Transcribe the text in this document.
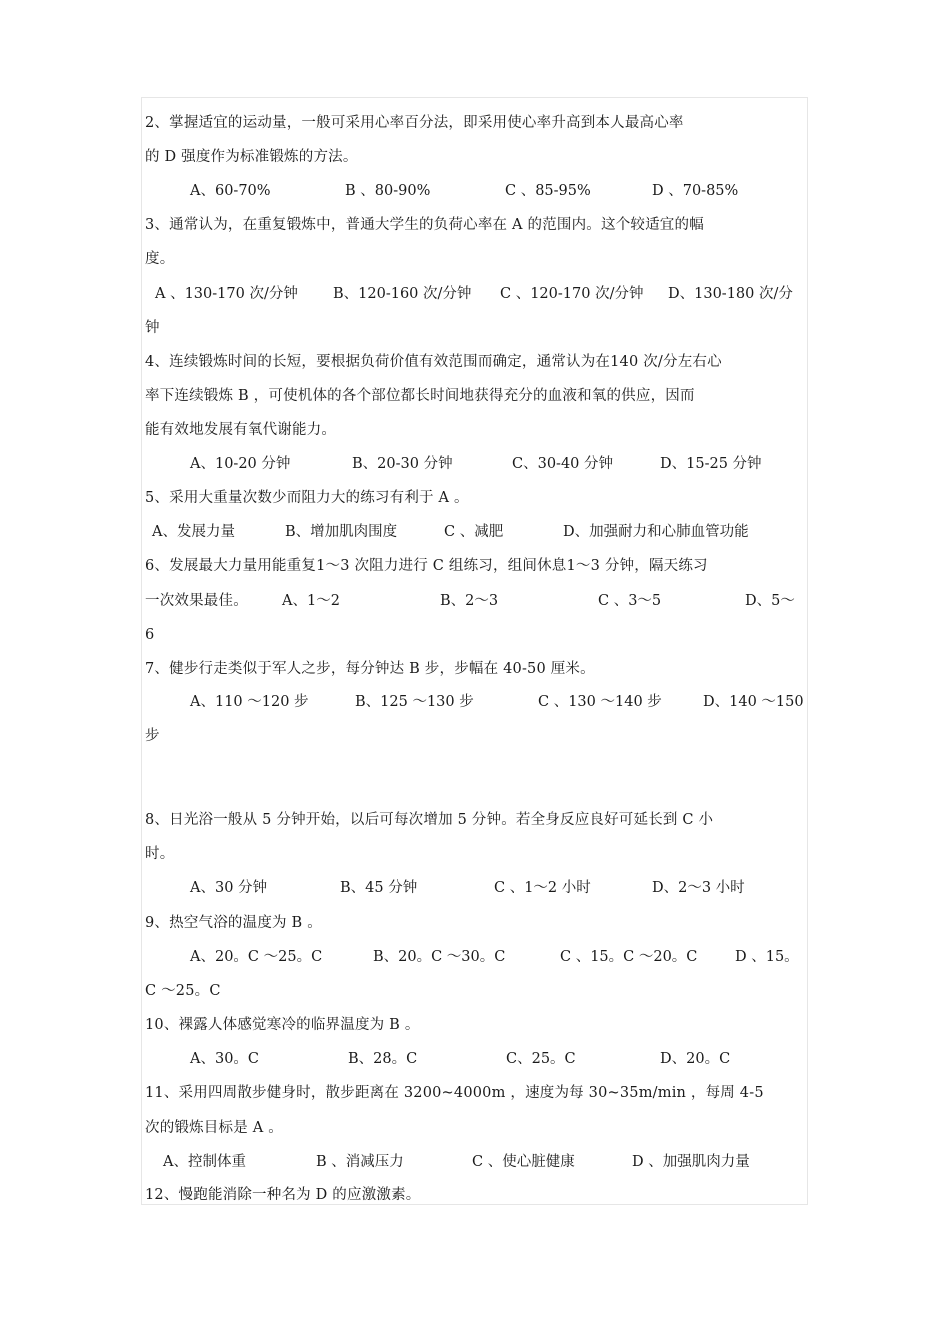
2、掌握适宜的运动量，一般可采用心率百分法，即采用使心率升高到本人最高心率
的 D 强度作为标准锻炼的方法。
A、60-70%	B 、80-90%	C 、85-95%	D 、70-85%
3、通常认为，在重复锻炼中，普通大学生的负荷心率在 A 的范围内。这个较适宜的幅
度。
A 、130-170 次/分钟 B、120-160 次/分钟 C 、120-170 次/分钟 D、130-180 次/分
钟
4、连续锻炼时间的长短，要根据负荷价值有效范围而确定，通常认为在140 次/分左右心
率下连续锻炼 B ，可使机体的各个部位都长时间地获得充分的血液和氧的供应，因而
能有效地发展有氧代谢能力。
A、10-20 分钟	B、20-30 分钟	C、30-40 分钟	D、15-25 分钟
5、采用大重量次数少而阻力大的练习有利于 A 。
A、发展力量	B、增加肌肉围度	C 、减肥	D、加强耐力和心肺血管功能
6、发展最大力量用能重复1～3 次阻力进行 C 组练习，组间休息1～3 分钟，隔天练习
一次效果最佳。 A、1～2	B、2～3	C 、3～5	D、5～
6
7、健步行走类似于军人之步，每分钟达 B 步，步幅在 40-50 厘米。
A、110 ～120 步	B、125 ～130 步	C 、130 ～140 步	D、140 ～150
步
8、日光浴一般从 5 分钟开始，以后可每次增加 5 分钟。若全身反应良好可延长到 C 小
时。
A、30 分钟	B、45 分钟	C 、1～2 小时	D、2～3 小时
9、热空气浴的温度为 B 。
A、20。C ～25。C	B、20。C ～30。C	C 、15。C ～20。C	D 、15。
C ～25。C
10、裸露人体感觉寒冷的临界温度为 B 。
A、30。C	B、28。C	C、25。C	D、20。C
11、采用四周散步健身时，散步距离在 3200~4000m ，速度为每 30~35m/min ，每周 4-5
次的锻炼目标是 A 。
A、控制体重	B 、消减压力	C 、使心脏健康	D 、加强肌肉力量
12、慢跑能消除一种名为 D 的应激激素。
